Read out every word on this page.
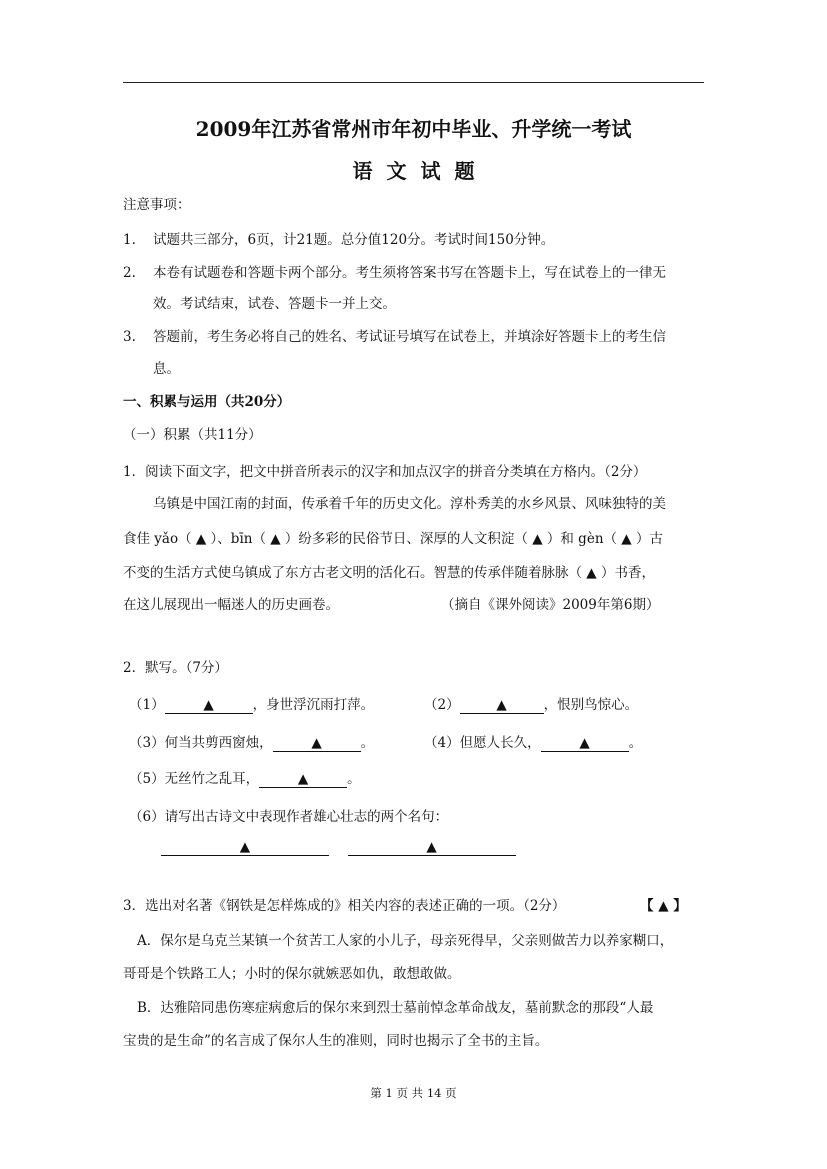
2009年江苏省常州市年初中毕业、升学统一考试
语文试题
注意事项：
1. 试题共三部分，6页，计21题。总分值120分。考试时间150分钟。
2. 本卷有试题卷和答题卡两个部分。考生须将答案书写在答题卡上，写在试卷上的一律无
效。考试结束，试卷、答题卡一并上交。
3. 答题前，考生务必将自己的姓名、考试证号填写在试卷上，并填涂好答题卡上的考生信
息。
一、积累与运用（共20分）
（一）积累（共11分）
1．阅读下面文字，把文中拼音所表示的汉字和加点汉字的拼音分类填在方格内。（2分）
乌镇是中国江南的封面，传承着千年的历史文化。淳朴秀美的水乡风景、风味独特的美
食佳 yǎo（ ▲ ）、bīn（ ▲ ）纷多彩的民俗节日、深厚的人文积淀（ ▲ ）和 gèn（ ▲ ）古
不变的生活方式使乌镇成了东方古老文明的活化石。智慧的传承伴随着脉脉（ ▲ ）书香，
在这儿展现出一幅迷人的历史画卷。	（摘自《课外阅读》2009年第6期）
2．默写。（7分）
（1）	▲	，身世浮沉雨打萍。	（2）	▲	，恨别鸟惊心。
（3）何当共剪西窗烛，	▲	。	（4）但愿人长久，	▲	。
（5）无丝竹之乱耳，	▲	。
（6）请写出古诗文中表现作者雄心壮志的两个名句：
▲	▲
3．选出对名著《钢铁是怎样炼成的》相关内容的表述正确的一项。（2分）	【 ▲ 】
A．保尔是乌克兰某镇一个贫苦工人家的小儿子，母亲死得早，父亲则做苦力以养家糊口，
哥哥是个铁路工人；小时的保尔就嫉恶如仇，敢想敢做。
B．达雅陪同患伤寒症病愈后的保尔来到烈士墓前悼念革命战友，墓前默念的那段“人最
宝贵的是生命”的名言成了保尔人生的准则，同时也揭示了全书的主旨。
第 1 页 共 14 页
